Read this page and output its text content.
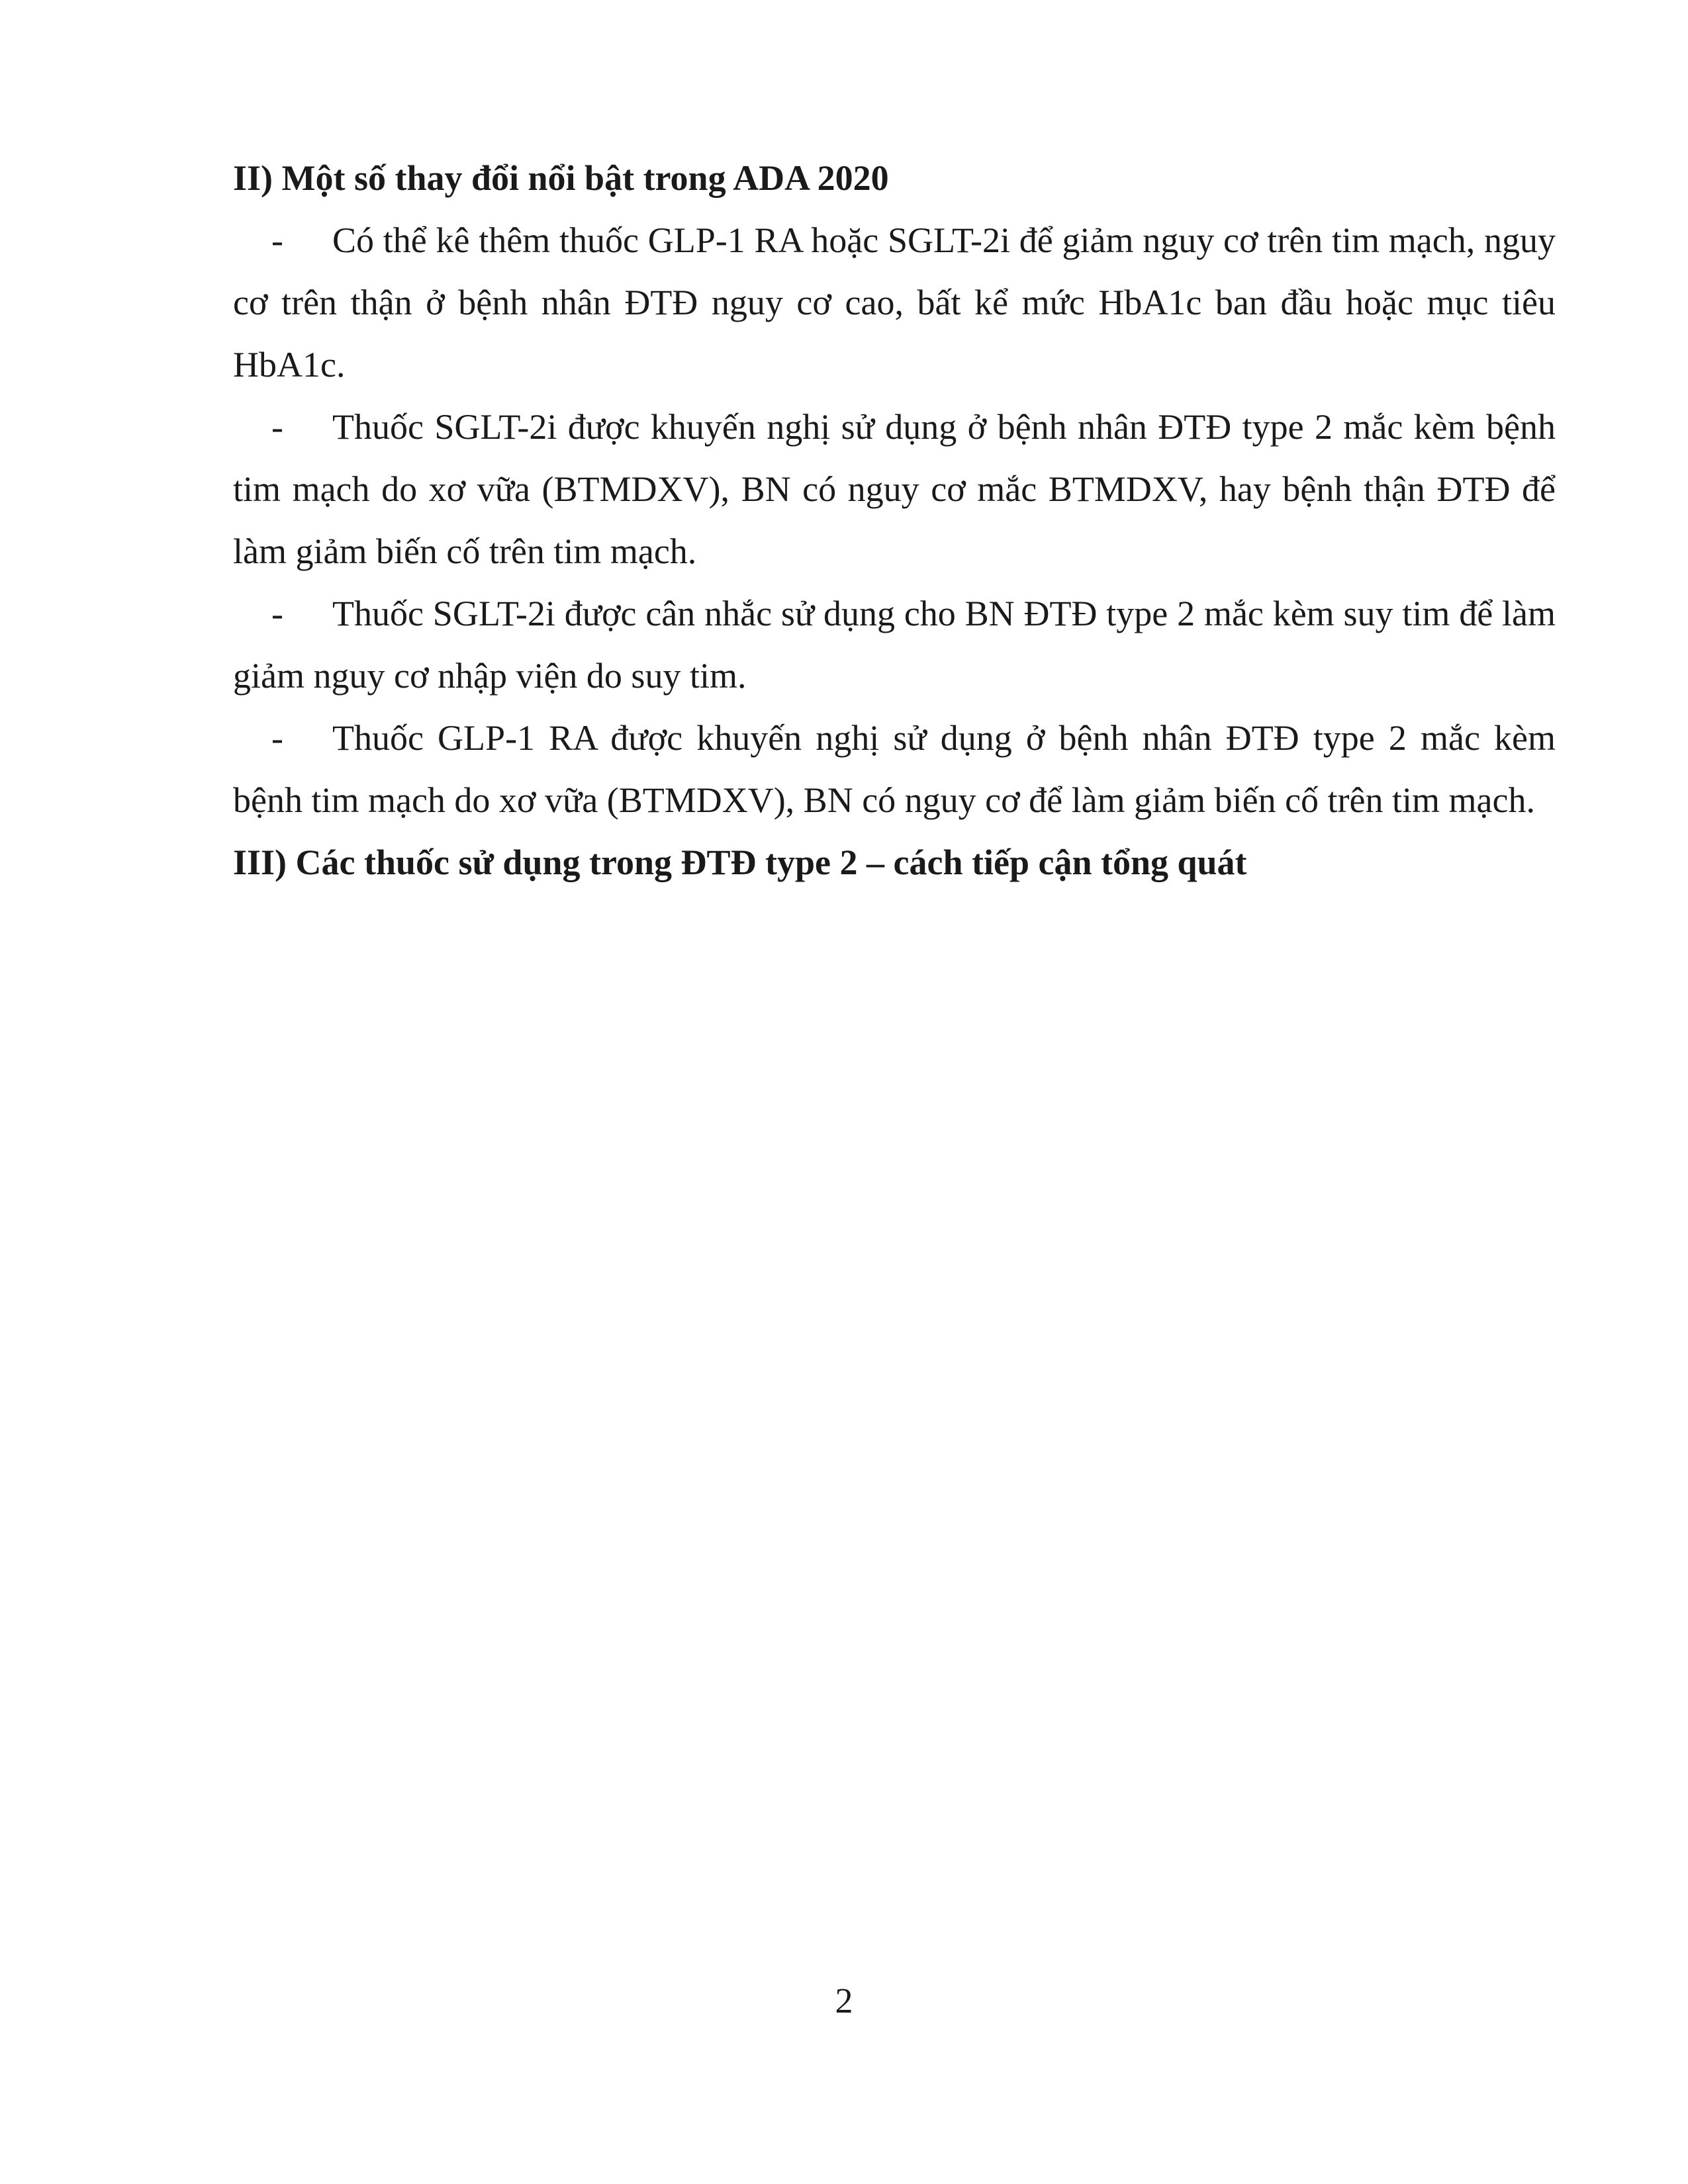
II) Một số thay đổi nổi bật trong ADA 2020

- Có thể kê thêm thuốc GLP-1 RA hoặc SGLT-2i để giảm nguy cơ trên tim mạch, nguy cơ trên thận ở bệnh nhân ĐTĐ nguy cơ cao, bất kể mức HbA1c ban đầu hoặc mục tiêu HbA1c.

- Thuốc SGLT-2i được khuyến nghị sử dụng ở bệnh nhân ĐTĐ type 2 mắc kèm bệnh tim mạch do xơ vữa (BTMDXV), BN có nguy cơ mắc BTMDXV, hay bệnh thận ĐTĐ để làm giảm biến cố trên tim mạch.

- Thuốc SGLT-2i được cân nhắc sử dụng cho BN ĐTĐ type 2 mắc kèm suy tim để làm giảm nguy cơ nhập viện do suy tim.

- Thuốc GLP-1 RA được khuyến nghị sử dụng ở bệnh nhân ĐTĐ type 2 mắc kèm bệnh tim mạch do xơ vữa (BTMDXV), BN có nguy cơ để làm giảm biến cố trên tim mạch.

III) Các thuốc sử dụng trong ĐTĐ type 2 – cách tiếp cận tổng quát

2
